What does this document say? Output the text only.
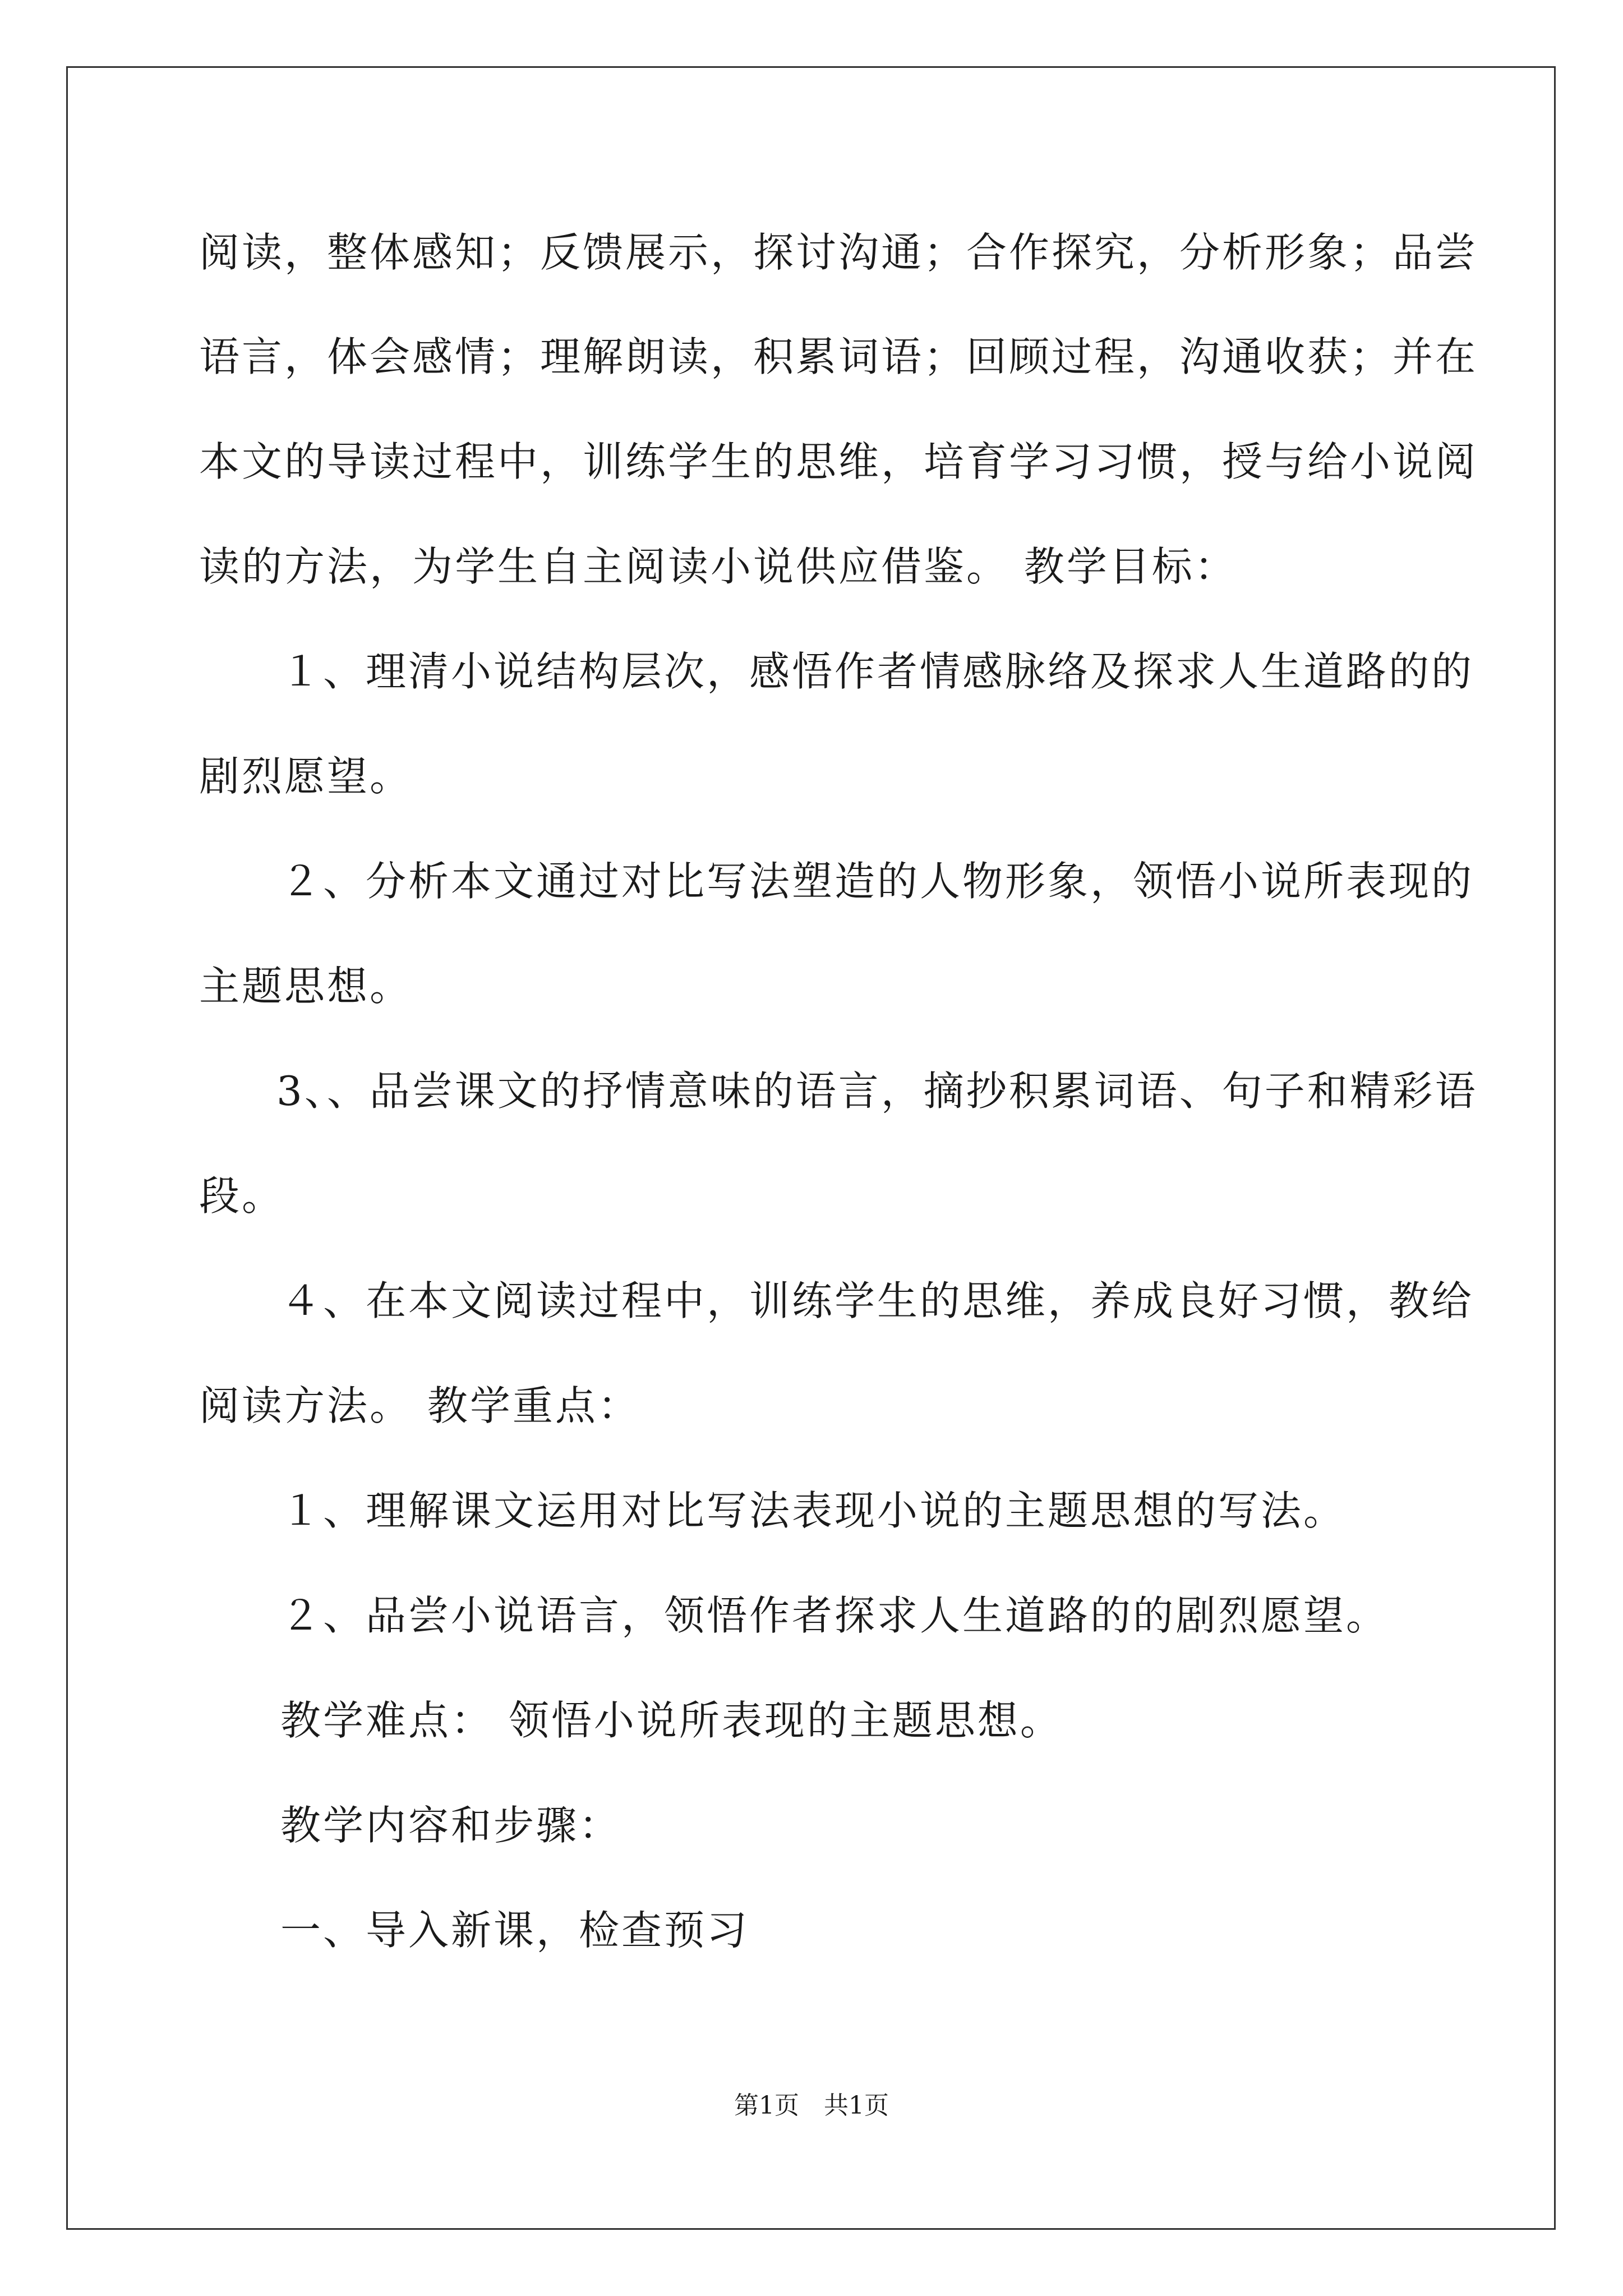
阅读，整体感知；反馈展示，探讨沟通；合作探究，分析形象；品尝
语言，体会感情；理解朗读，积累词语；回顾过程，沟通收获；并在
本文的导读过程中，训练学生的思维，培育学习习惯，授与给小说阅
读的方法，为学生自主阅读小说供应借鉴。 教学目标：
１、理清小说结构层次，感悟作者情感脉络及探求人生道路的的
剧烈愿望。
２、分析本文通过对比写法塑造的人物形象，领悟小说所表现的
主题思想。
3、、品尝课文的抒情意味的语言，摘抄积累词语、句子和精彩语
段。
４、在本文阅读过程中，训练学生的思维，养成良好习惯，教给
阅读方法。 教学重点：
１、理解课文运用对比写法表现小说的主题思想的写法。
２、品尝小说语言，领悟作者探求人生道路的的剧烈愿望。
教学难点： 领悟小说所表现的主题思想。
教学内容和步骤：
一、导入新课，检查预习
第1页　共1页
